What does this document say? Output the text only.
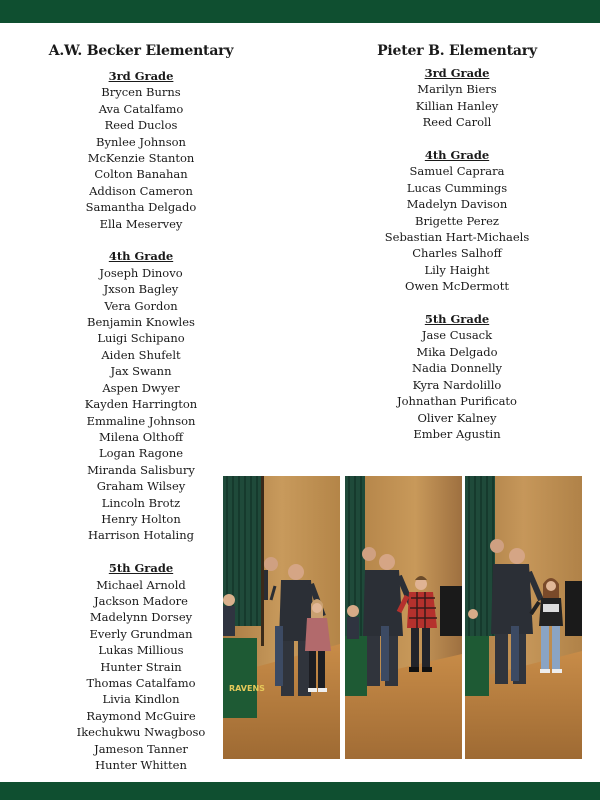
A.W. Becker Elementary
3rd Grade
Brycen Burns
Ava Catalfamo
Reed Duclos
Bynlee Johnson
McKenzie Stanton
Colton Banahan
Addison Cameron
Samantha Delgado
Ella Meservey
4th Grade
Joseph Dinovo
Jxson Bagley
Vera Gordon
Benjamin Knowles
Luigi Schipano
Aiden Shufelt
Jax Swann
Aspen Dwyer
Kayden Harrington
Emmaline Johnson
Milena Olthoff
Logan Ragone
Miranda Salisbury
Graham Wilsey
Lincoln Brotz
Henry Holton
Harrison Hotaling
5th Grade
Michael Arnold
Jackson Madore
Madelynn Dorsey
Everly Grundman
Lukas Millious
Hunter Strain
Thomas Catalfamo
Livia Kindlon
Raymond McGuire
Ikechukwu Nwagboso
Jameson Tanner
Hunter Whitten
Pieter B. Elementary
3rd Grade
Marilyn Biers
Killian Hanley
Reed Caroll
4th Grade
Samuel Caprara
Lucas Cummings
Madelyn Davison
Brigette Perez
Sebastian Hart-Michaels
Charles Salhoff
Lily Haight
Owen McDermott
5th Grade
Jase Cusack
Mika Delgado
Nadia Donnelly
Kyra Nardolillo
Johnathan Purificato
Oliver Kalney
Ember Agustin
RAVENS
